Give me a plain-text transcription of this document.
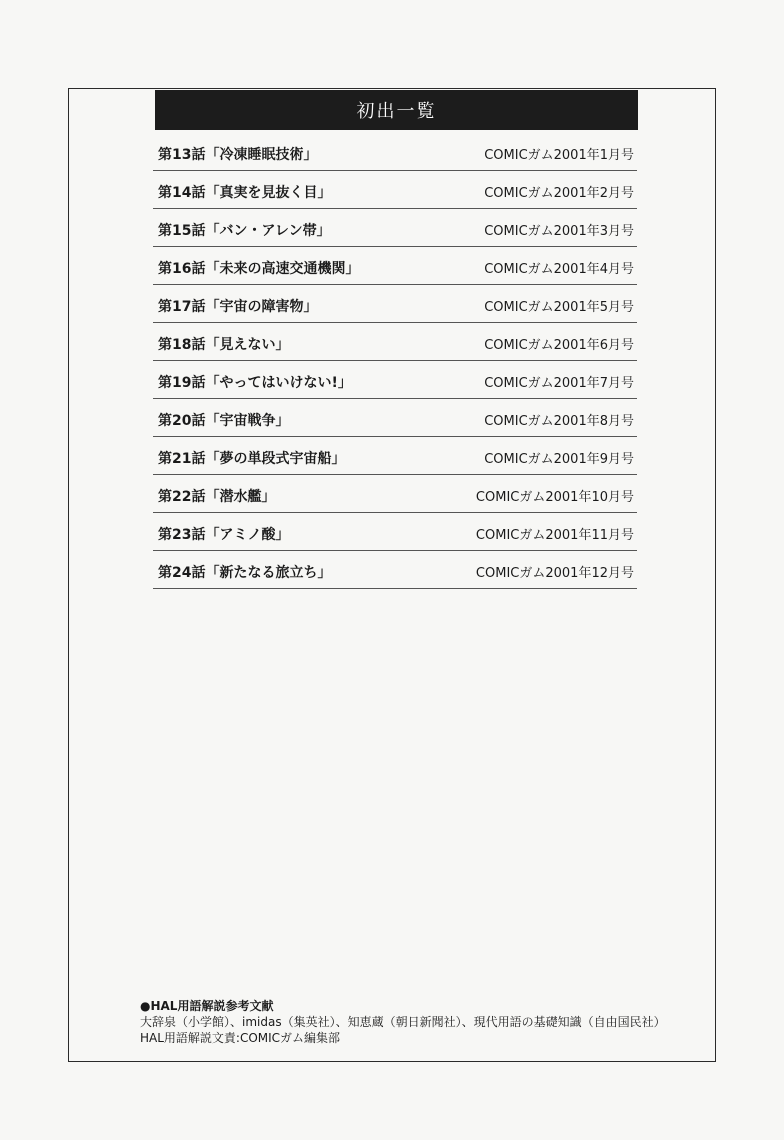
初出一覧
第13話「冷凍睡眠技術」	COMICガム2001年1月号
第14話「真実を見抜く目」	COMICガム2001年2月号
第15話「バン・アレン帯」	COMICガム2001年3月号
第16話「未来の高速交通機関」	COMICガム2001年4月号
第17話「宇宙の障害物」	COMICガム2001年5月号
第18話「見えない」	COMICガム2001年6月号
第19話「やってはいけない!」	COMICガム2001年7月号
第20話「宇宙戦争」	COMICガム2001年8月号
第21話「夢の単段式宇宙船」	COMICガム2001年9月号
第22話「潜水艦」	COMICガム2001年10月号
第23話「アミノ酸」	COMICガム2001年11月号
第24話「新たなる旅立ち」	COMICガム2001年12月号
●HAL用語解説参考文献
大辞泉（小学館）、imidas（集英社）、知恵蔵（朝日新聞社）、現代用語の基礎知識（自由国民社）
HAL用語解説文責:COMICガム編集部
